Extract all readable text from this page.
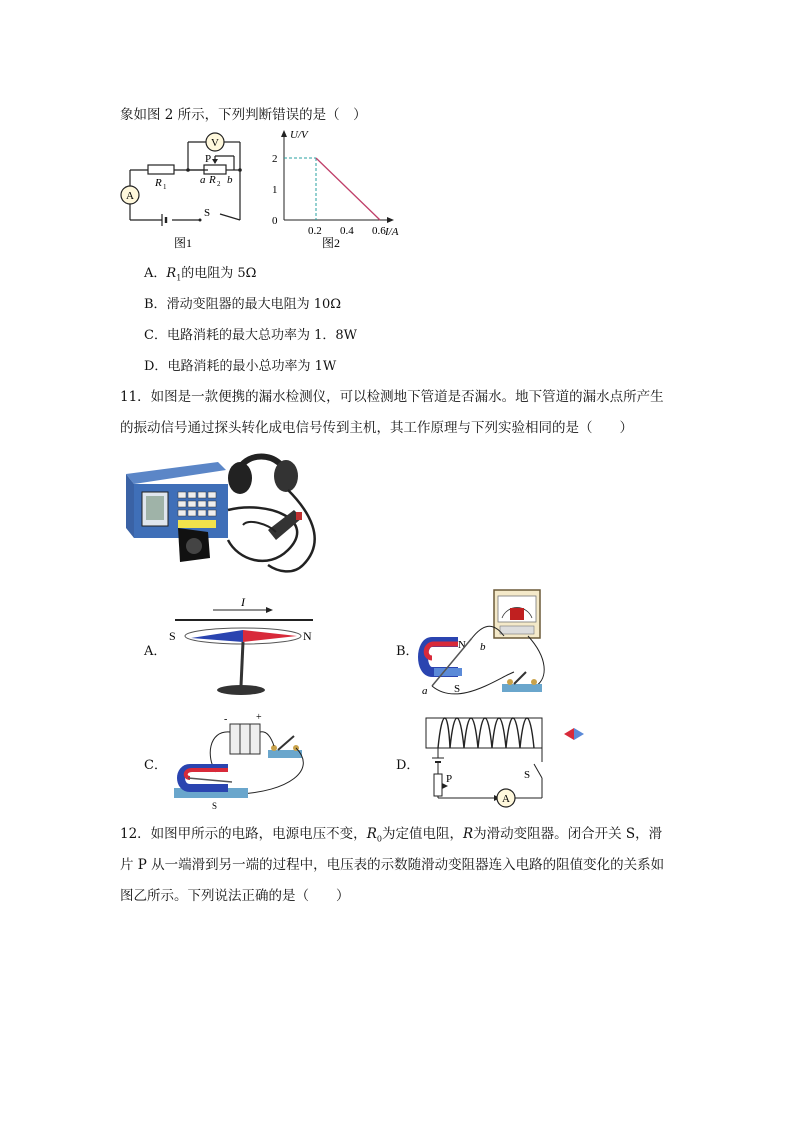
象如图 2 所示，下列判断错误的是（　）
A
V
R 1
P
a R 2 b
S
图1
0
1
2
0.2 0.4 0.6
U/V
I/A
图2
A．$R_1$的电阻为 5Ω
B．滑动变阻器的最大电阻为 10Ω
C．电路消耗的最大总功率为 1．8W
D．电路消耗的最小总功率为 1W
11．如图是一款便携的漏水检测仪，可以检测地下管道是否漏水。地下管道的漏水点所产生
的振动信号通过探头转化成电信号传到主机，其工作原理与下列实验相同的是（　　）
A．
I
S	N
B．	N b
a S
C．
-	+
S
D．
P
A
S
12．如图甲所示的电路，电源电压不变，$R_0$为定值电阻，R为滑动变阻器。闭合开关 S，滑
片 P 从一端滑到另一端的过程中，电压表的示数随滑动变阻器连入电路的阻值变化的关系如
图乙所示。下列说法正确的是（　　）
